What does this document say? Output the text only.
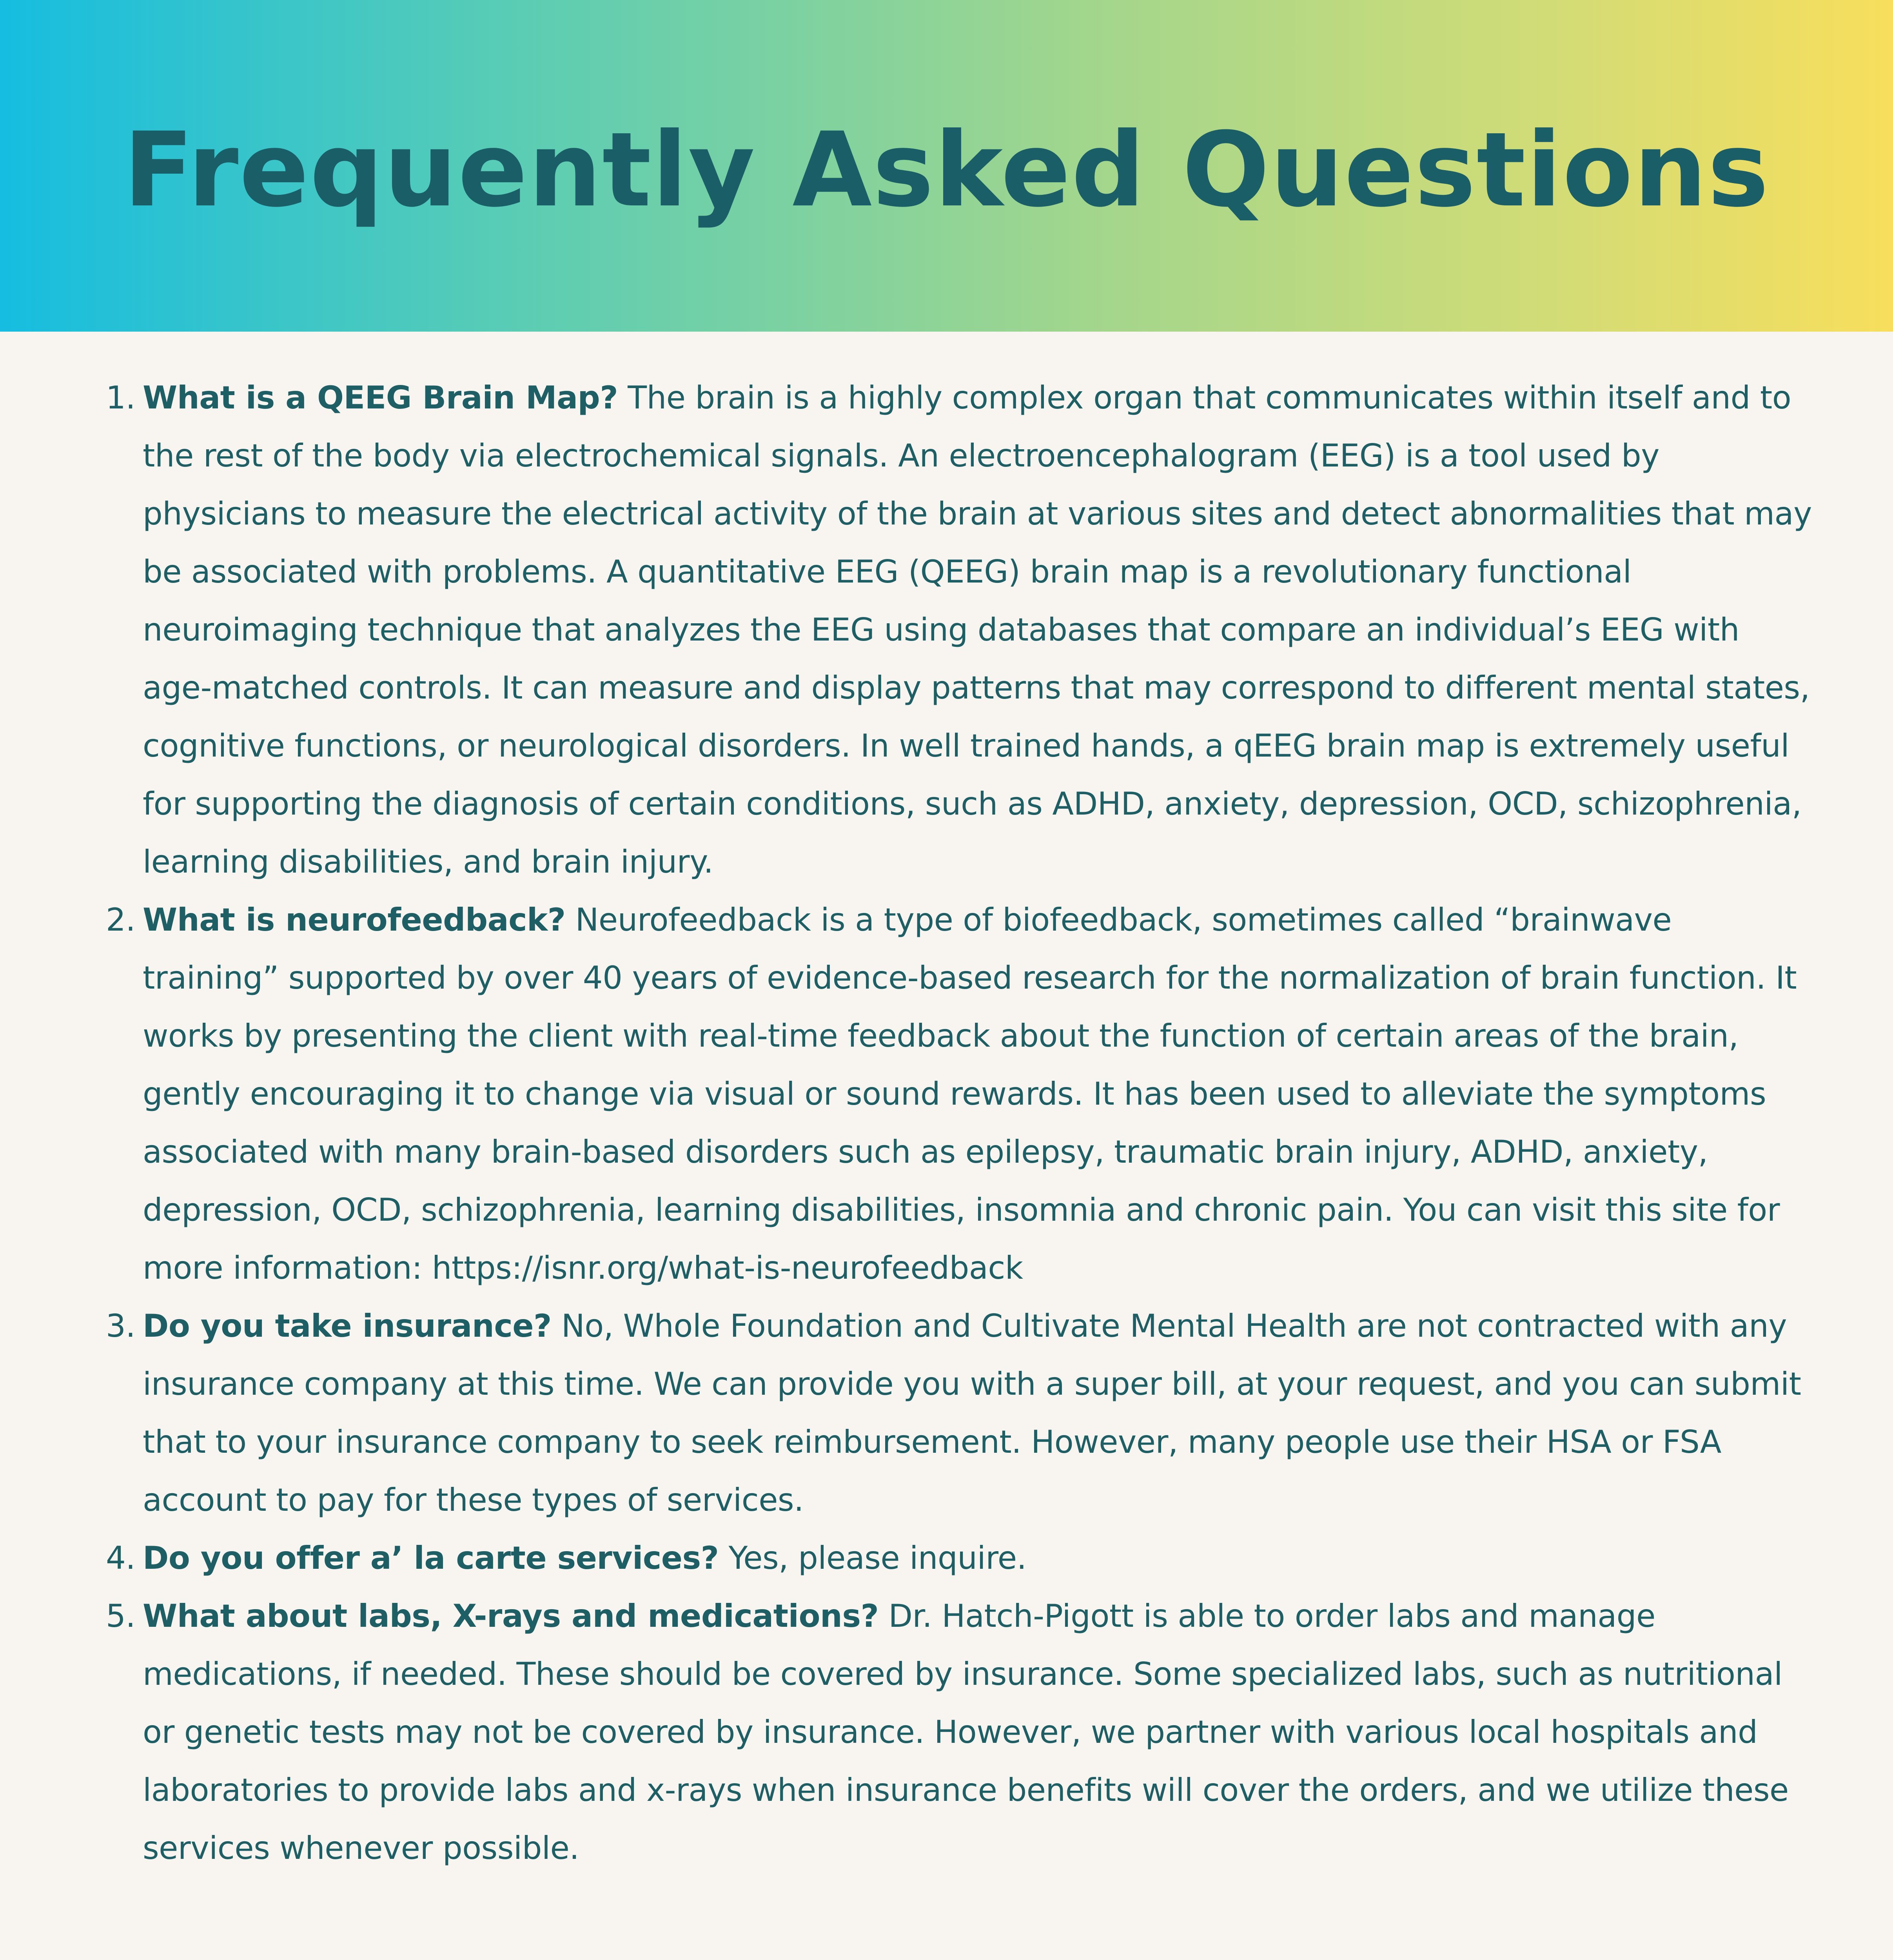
Frequently Asked Questions
1. What is a QEEG Brain Map? The brain is a highly complex organ that communicates within itself and to the rest of the body via electrochemical signals. An electroencephalogram (EEG) is a tool used by physicians to measure the electrical activity of the brain at various sites and detect abnormalities that may be associated with problems. A quantitative EEG (QEEG) brain map is a revolutionary functional neuroimaging technique that analyzes the EEG using databases that compare an individual’s EEG with age-matched controls. It can measure and display patterns that may correspond to different mental states, cognitive functions, or neurological disorders. In well trained hands, a qEEG brain map is extremely useful for supporting the diagnosis of certain conditions, such as ADHD, anxiety, depression, OCD, schizophrenia, learning disabilities, and brain injury.
2. What is neurofeedback? Neurofeedback is a type of biofeedback, sometimes called “brainwave training” supported by over 40 years of evidence-based research for the normalization of brain function. It works by presenting the client with real-time feedback about the function of certain areas of the brain, gently encouraging it to change via visual or sound rewards. It has been used to alleviate the symptoms associated with many brain-based disorders such as epilepsy, traumatic brain injury, ADHD, anxiety, depression, OCD, schizophrenia, learning disabilities, insomnia and chronic pain. You can visit this site for more information: https://isnr.org/what-is-neurofeedback
3. Do you take insurance? No, Whole Foundation and Cultivate Mental Health are not contracted with any insurance company at this time. We can provide you with a super bill, at your request, and you can submit that to your insurance company to seek reimbursement. However, many people use their HSA or FSA account to pay for these types of services.
4. Do you offer a’ la carte services? Yes, please inquire.
5. What about labs, X-rays and medications? Dr. Hatch-Pigott is able to order labs and manage medications, if needed. These should be covered by insurance. Some specialized labs, such as nutritional or genetic tests may not be covered by insurance. However, we partner with various local hospitals and laboratories to provide labs and x-rays when insurance benefits will cover the orders, and we utilize these services whenever possible.
